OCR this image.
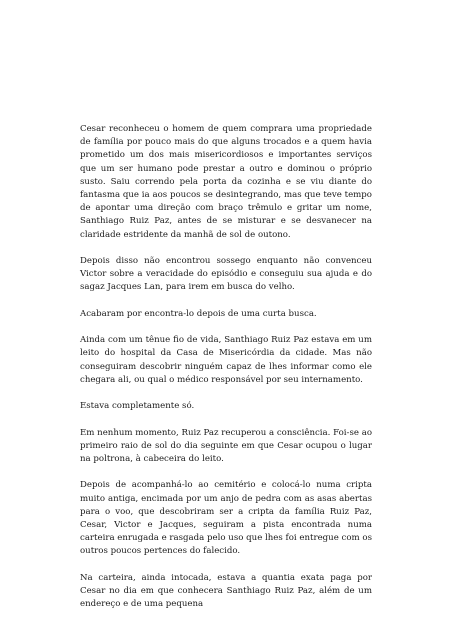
Cesar reconheceu o homem de quem comprara uma propriedade de família por pouco mais do que alguns trocados e a quem havia prometido um dos mais misericordiosos e importantes serviços que um ser humano pode prestar a outro e dominou o próprio susto. Saiu correndo pela porta da cozinha e se viu diante do fantasma que ia aos poucos se desintegrando, mas que teve tempo de apontar uma direção com braço trêmulo e gritar um nome, Santhiago Ruiz Paz, antes de se misturar e se desvanecer na claridade estridente da manhã de sol de outono.

Depois disso não encontrou sossego enquanto não convenceu Victor sobre a veracidade do episódio e conseguiu sua ajuda e do sagaz Jacques Lan, para irem em busca do velho.

Acabaram por encontra-lo depois de uma curta busca.

Ainda com um tênue fio de vida, Santhiago Ruiz Paz estava em um leito do hospital da Casa de Misericórdia da cidade. Mas não conseguiram descobrir ninguém capaz de lhes informar como ele chegara ali, ou qual o médico responsável por seu internamento.

Estava completamente só.

Em nenhum momento, Ruiz Paz recuperou a consciência. Foi-se ao primeiro raio de sol do dia seguinte em que Cesar ocupou o lugar na poltrona, à cabeceira do leito.

Depois de acompanhá-lo ao cemitério e colocá-lo numa cripta muito antiga, encimada por um anjo de pedra com as asas abertas para o voo, que descobriram ser a cripta da família Ruiz Paz, Cesar, Victor e Jacques, seguiram a pista encontrada numa carteira enrugada e rasgada pelo uso que lhes foi entregue com os outros poucos pertences do falecido.

Na carteira, ainda intocada, estava a quantia exata paga por Cesar no dia em que conhecera Santhiago Ruiz Paz, além de um endereço e de uma pequena
